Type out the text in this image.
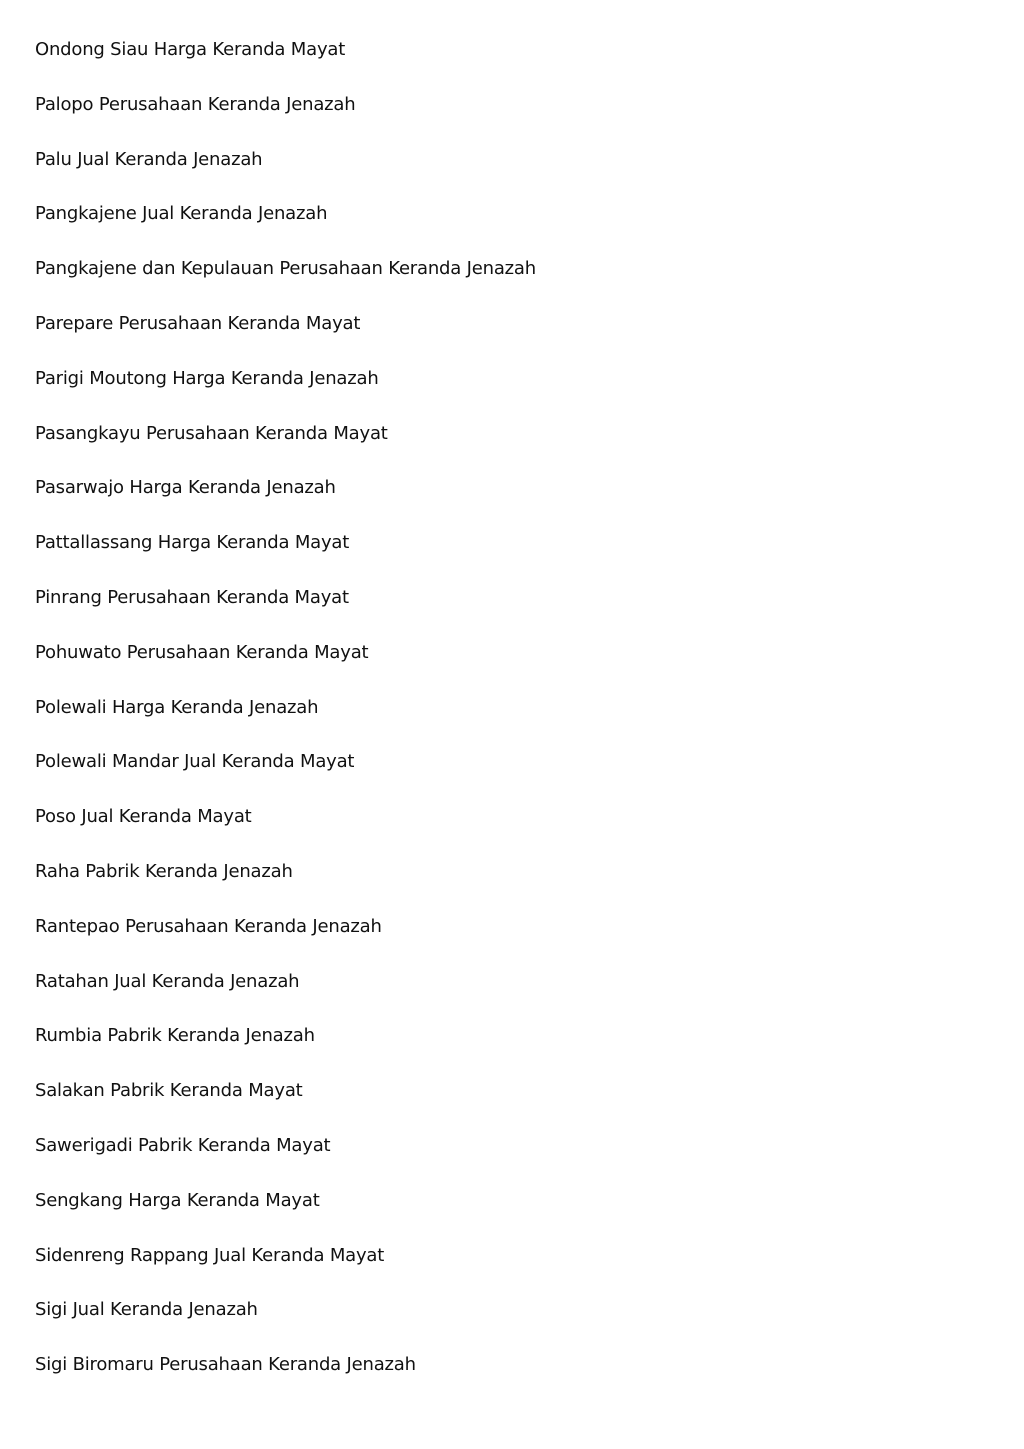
Ondong Siau Harga Keranda Mayat
Palopo Perusahaan Keranda Jenazah
Palu Jual Keranda Jenazah
Pangkajene Jual Keranda Jenazah
Pangkajene dan Kepulauan Perusahaan Keranda Jenazah
Parepare Perusahaan Keranda Mayat
Parigi Moutong Harga Keranda Jenazah
Pasangkayu Perusahaan Keranda Mayat
Pasarwajo Harga Keranda Jenazah
Pattallassang Harga Keranda Mayat
Pinrang Perusahaan Keranda Mayat
Pohuwato Perusahaan Keranda Mayat
Polewali Harga Keranda Jenazah
Polewali Mandar Jual Keranda Mayat
Poso Jual Keranda Mayat
Raha Pabrik Keranda Jenazah
Rantepao Perusahaan Keranda Jenazah
Ratahan Jual Keranda Jenazah
Rumbia Pabrik Keranda Jenazah
Salakan Pabrik Keranda Mayat
Sawerigadi Pabrik Keranda Mayat
Sengkang Harga Keranda Mayat
Sidenreng Rappang Jual Keranda Mayat
Sigi Jual Keranda Jenazah
Sigi Biromaru Perusahaan Keranda Jenazah
